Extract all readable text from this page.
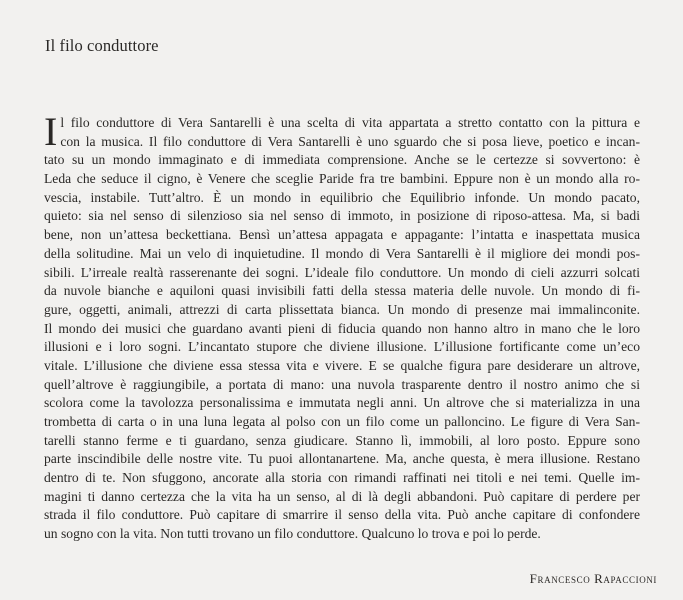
Il filo conduttore
I l filo conduttore di Vera Santarelli è una scelta di vita appartata a stretto contatto con la pittura e
con la musica. Il filo conduttore di Vera Santarelli è uno sguardo che si posa lieve, poetico e incan-
tato su un mondo immaginato e di immediata comprensione. Anche se le certezze si sovvertono: è
Leda che seduce il cigno, è Venere che sceglie Paride fra tre bambini. Eppure non è un mondo alla ro-
vescia, instabile. Tutt’altro. È un mondo in equilibrio che Equilibrio infonde. Un mondo pacato,
quieto: sia nel senso di silenzioso sia nel senso di immoto, in posizione di riposo-attesa. Ma, si badi
bene, non un’attesa beckettiana. Bensì un’attesa appagata e appagante: l’intatta e inaspettata musica
della solitudine. Mai un velo di inquietudine. Il mondo di Vera Santarelli è il migliore dei mondi pos-
sibili. L’irreale realtà rasserenante dei sogni. L’ideale filo conduttore. Un mondo di cieli azzurri solcati
da nuvole bianche e aquiloni quasi invisibili fatti della stessa materia delle nuvole. Un mondo di fi-
gure, oggetti, animali, attrezzi di carta plissettata bianca. Un mondo di presenze mai immalinconite.
Il mondo dei musici che guardano avanti pieni di fiducia quando non hanno altro in mano che le loro
illusioni e i loro sogni. L’incantato stupore che diviene illusione. L’illusione fortificante come un’eco
vitale. L’illusione che diviene essa stessa vita e vivere. E se qualche figura pare desiderare un altrove,
quell’altrove è raggiungibile, a portata di mano: una nuvola trasparente dentro il nostro animo che si
scolora come la tavolozza personalissima e immutata negli anni. Un altrove che si materializza in una
trombetta di carta o in una luna legata al polso con un filo come un palloncino. Le figure di Vera San-
tarelli stanno ferme e ti guardano, senza giudicare. Stanno lì, immobili, al loro posto. Eppure sono
parte inscindibile delle nostre vite. Tu puoi allontanartene. Ma, anche questa, è mera illusione. Restano
dentro di te. Non sfuggono, ancorate alla storia con rimandi raffinati nei titoli e nei temi. Quelle im-
magini ti danno certezza che la vita ha un senso, al di là degli abbandoni. Può capitare di perdere per
strada il filo conduttore. Può capitare di smarrire il senso della vita. Può anche capitare di confondere
un sogno con la vita. Non tutti trovano un filo conduttore. Qualcuno lo trova e poi lo perde.
Francesco Rapaccioni
